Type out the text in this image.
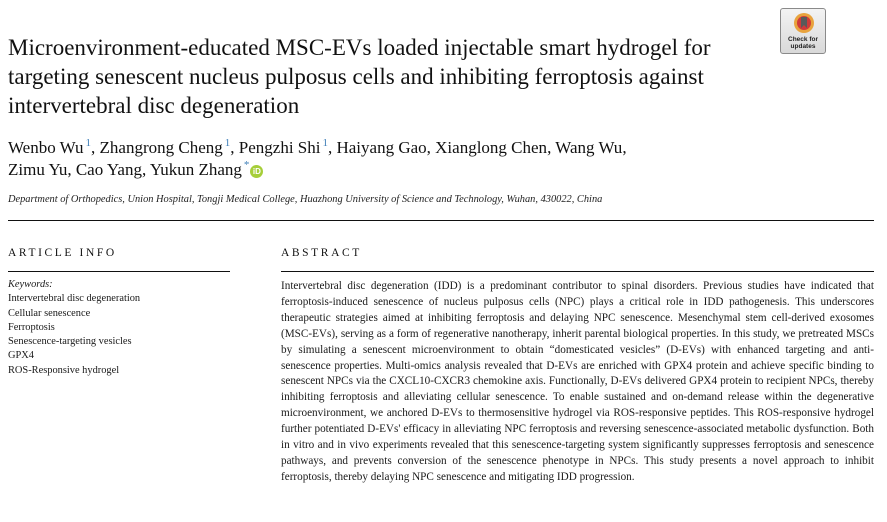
Microenvironment-educated MSC-EVs loaded injectable smart hydrogel for targeting senescent nucleus pulposus cells and inhibiting ferroptosis against intervertebral disc degeneration
Check for
updates
Wenbo Wu $^1$, Zhangrong Cheng $^1$, Pengzhi Shi $^1$, Haiyang Gao, Xianglong Chen, Wang Wu,
Zimu Yu, Cao Yang, Yukun Zhang *iD
Department of Orthopedics, Union Hospital, Tongji Medical College, Huazhong University of Science and Technology, Wuhan, 430022, China
ARTICLE INFO	ABSTRACT
Keywords:
Intervertebral disc degeneration
Cellular senescence
Ferroptosis
Senescence-targeting vesicles
GPX4
ROS-Responsive hydrogel

Intervertebral disc degeneration (IDD) is a predominant contributor to spinal disorders. Previous studies have indicated that ferroptosis-induced senescence of nucleus pulposus cells (NPC) plays a critical role in IDD pathogenesis. This underscores therapeutic strategies aimed at inhibiting ferroptosis and delaying NPC senescence. Mesenchymal stem cell-derived exosomes (MSC-EVs), serving as a form of regenerative nanotherapy, inherit parental biological properties. In this study, we pretreated MSCs by simulating a senescent microenvironment to obtain “domesticated vesicles” (D-EVs) with enhanced targeting and anti-senescence properties. Multi-omics analysis revealed that D-EVs are enriched with GPX4 protein and achieve specific binding to senescent NPCs via the CXCL10-CXCR3 chemokine axis. Functionally, D-EVs delivered GPX4 protein to recipient NPCs, thereby inhibiting ferroptosis and alleviating cellular senescence. To enable sustained and on-demand release within the degenerative microenvironment, we anchored D-EVs to thermosensitive hydrogel via ROS-responsive peptides. This ROS-responsive hydrogel further potentiated D-EVs' efficacy in alleviating NPC ferroptosis and reversing senescence-associated metabolic dysfunction. Both in vitro and in vivo experiments revealed that this senescence-targeting system significantly suppresses ferroptosis and senescence pathways, and prevents conversion of the senescence phenotype in NPCs. This study presents a novel approach to inhibit ferroptosis, thereby delaying NPC senescence and mitigating IDD progression.
